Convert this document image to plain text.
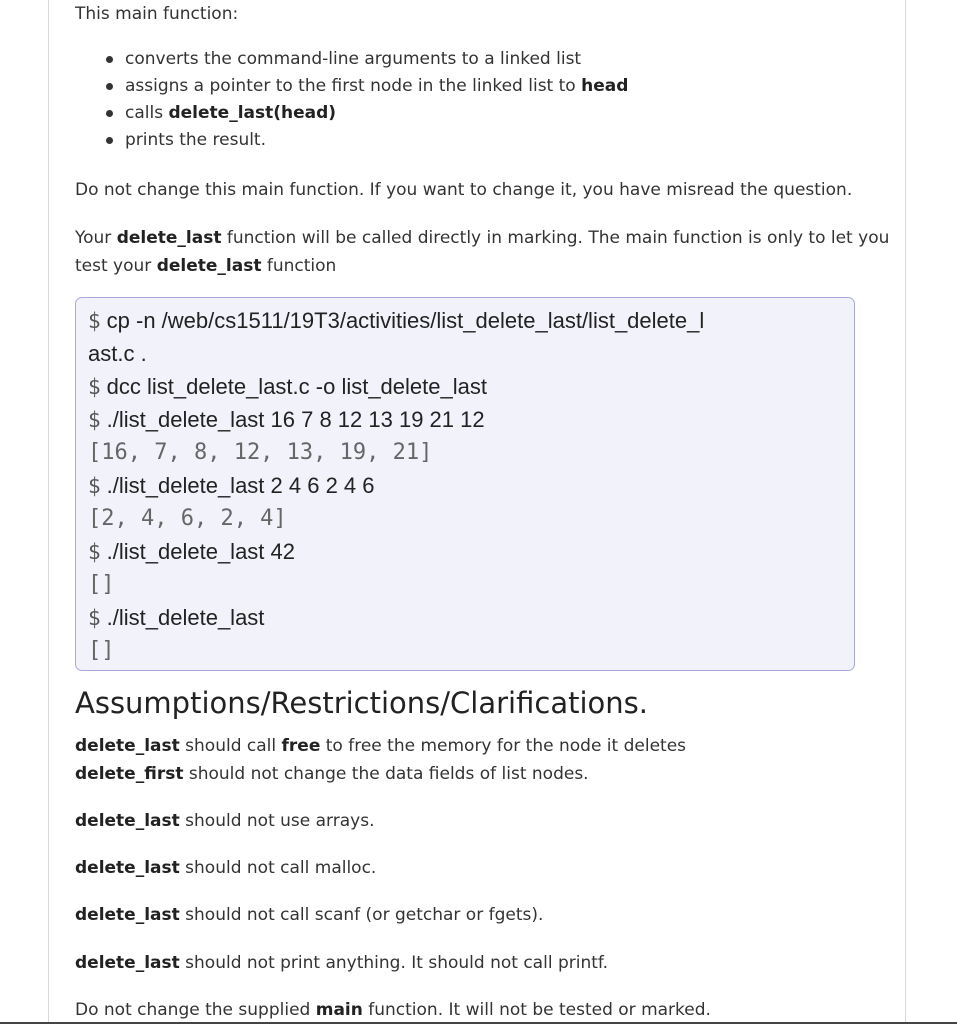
This main function:

converts the command-line arguments to a linked list
assigns a pointer to the first node in the linked list to head
calls delete_last(head)
prints the result.

Do not change this main function. If you want to change it, you have misread the question.

Your delete_last function will be called directly in marking. The main function is only to let you test your delete_last function

$ cp -n /web/cs1511/19T3/activities/list_delete_last/list_delete_l
ast.c .
$ dcc list_delete_last.c -o list_delete_last
$ ./list_delete_last 16 7 8 12 13 19 21 12
[16, 7, 8, 12, 13, 19, 21]
$ ./list_delete_last 2 4 6 2 4 6
[2, 4, 6, 2, 4]
$ ./list_delete_last 42
[]
$ ./list_delete_last
[]
Assumptions/Restrictions/Clarifications.

delete_last should call free to free the memory for the node it deletes

delete_first should not change the data fields of list nodes.

delete_last should not use arrays.

delete_last should not call malloc.

delete_last should not call scanf (or getchar or fgets).

delete_last should not print anything. It should not call printf.

Do not change the supplied main function. It will not be tested or marked.
